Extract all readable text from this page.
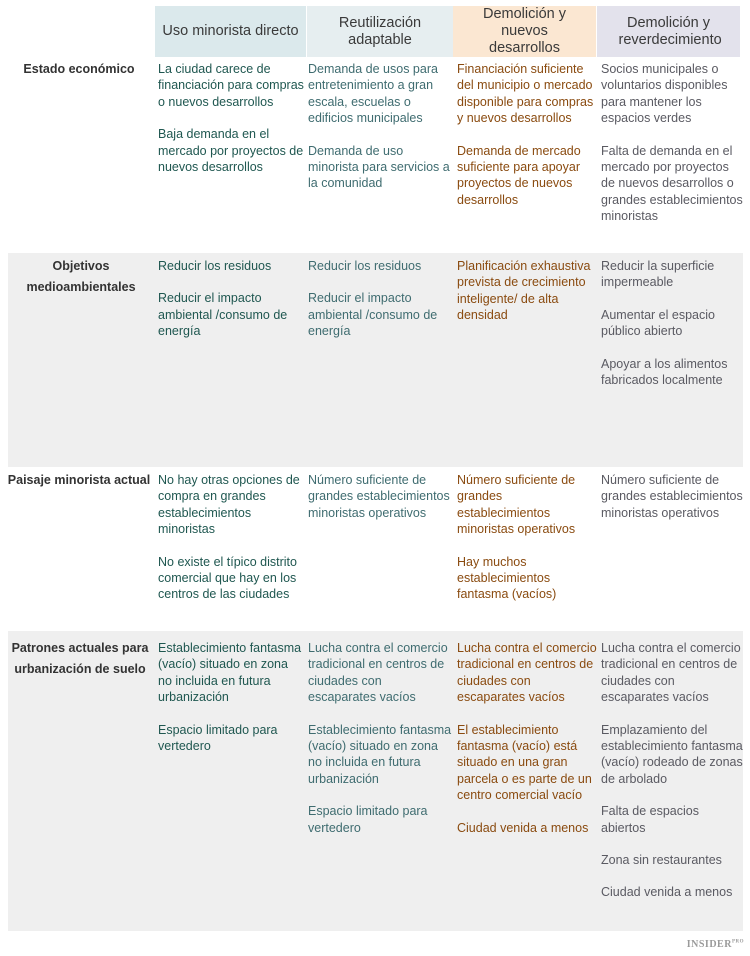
Uso minorista directo
Reutilización adaptable
Demolición y nuevos desarrollos
Demolición y reverdecimiento
Estado económico	La ciudad carece de financiación para compras o nuevos desarrollos

Baja demanda en el mercado por proyectos de nuevos desarrollos

Demanda de usos para entretenimiento a gran escala, escuelas o edificios municipales

Demanda de uso minorista para servicios a la comunidad

Financiación suficiente del municipio o mercado disponible para compras y nuevos desarrollos

Demanda de mercado suficiente para apoyar proyectos de nuevos desarrollos

Socios municipales o voluntarios disponibles para mantener los espacios verdes

Falta de demanda en el mercado por proyectos de nuevos desarrollos o grandes establecimientos minoristas

Objetivos medioambientales

Reducir los residuos

Reducir el impacto ambiental /consumo de energía

Reducir los residuos

Reducir el impacto ambiental /consumo de energía

Planificación exhaustiva prevista de crecimiento inteligente/ de alta densidad

Reducir la superficie impermeable

Aumentar el espacio público abierto

Apoyar a los alimentos fabricados localmente

Paisaje minorista actual No hay otras opciones de compra en grandes establecimientos minoristas

No existe el típico distrito comercial que hay en los centros de las ciudades

Número suficiente de grandes establecimientos minoristas operativos

Número suficiente de grandes establecimientos minoristas operativos

Hay muchos establecimientos fantasma (vacíos)

Número suficiente de grandes establecimientos minoristas operativos

Patrones actuales para urbanización de suelo

Establecimiento fantasma (vacío) situado en zona no incluida en futura urbanización

Espacio limitado para vertedero

Lucha contra el comercio tradicional en centros de ciudades con escaparates vacíos

Establecimiento fantasma (vacío) situado en zona no incluida en futura urbanización

Espacio limitado para vertedero

Lucha contra el comercio tradicional en centros de ciudades con escaparates vacíos

El establecimiento fantasma (vacío) está situado en una gran parcela o es parte de un centro comercial vacío

Ciudad venida a menos

Lucha contra el comercio tradicional en centros de ciudades con escaparates vacíos

Emplazamiento del establecimiento fantasma (vacío) rodeado de zonas de arbolado

Falta de espacios abiertos

Zona sin restaurantes

Ciudad venida a menos

$INSIDER^{PRO}$
